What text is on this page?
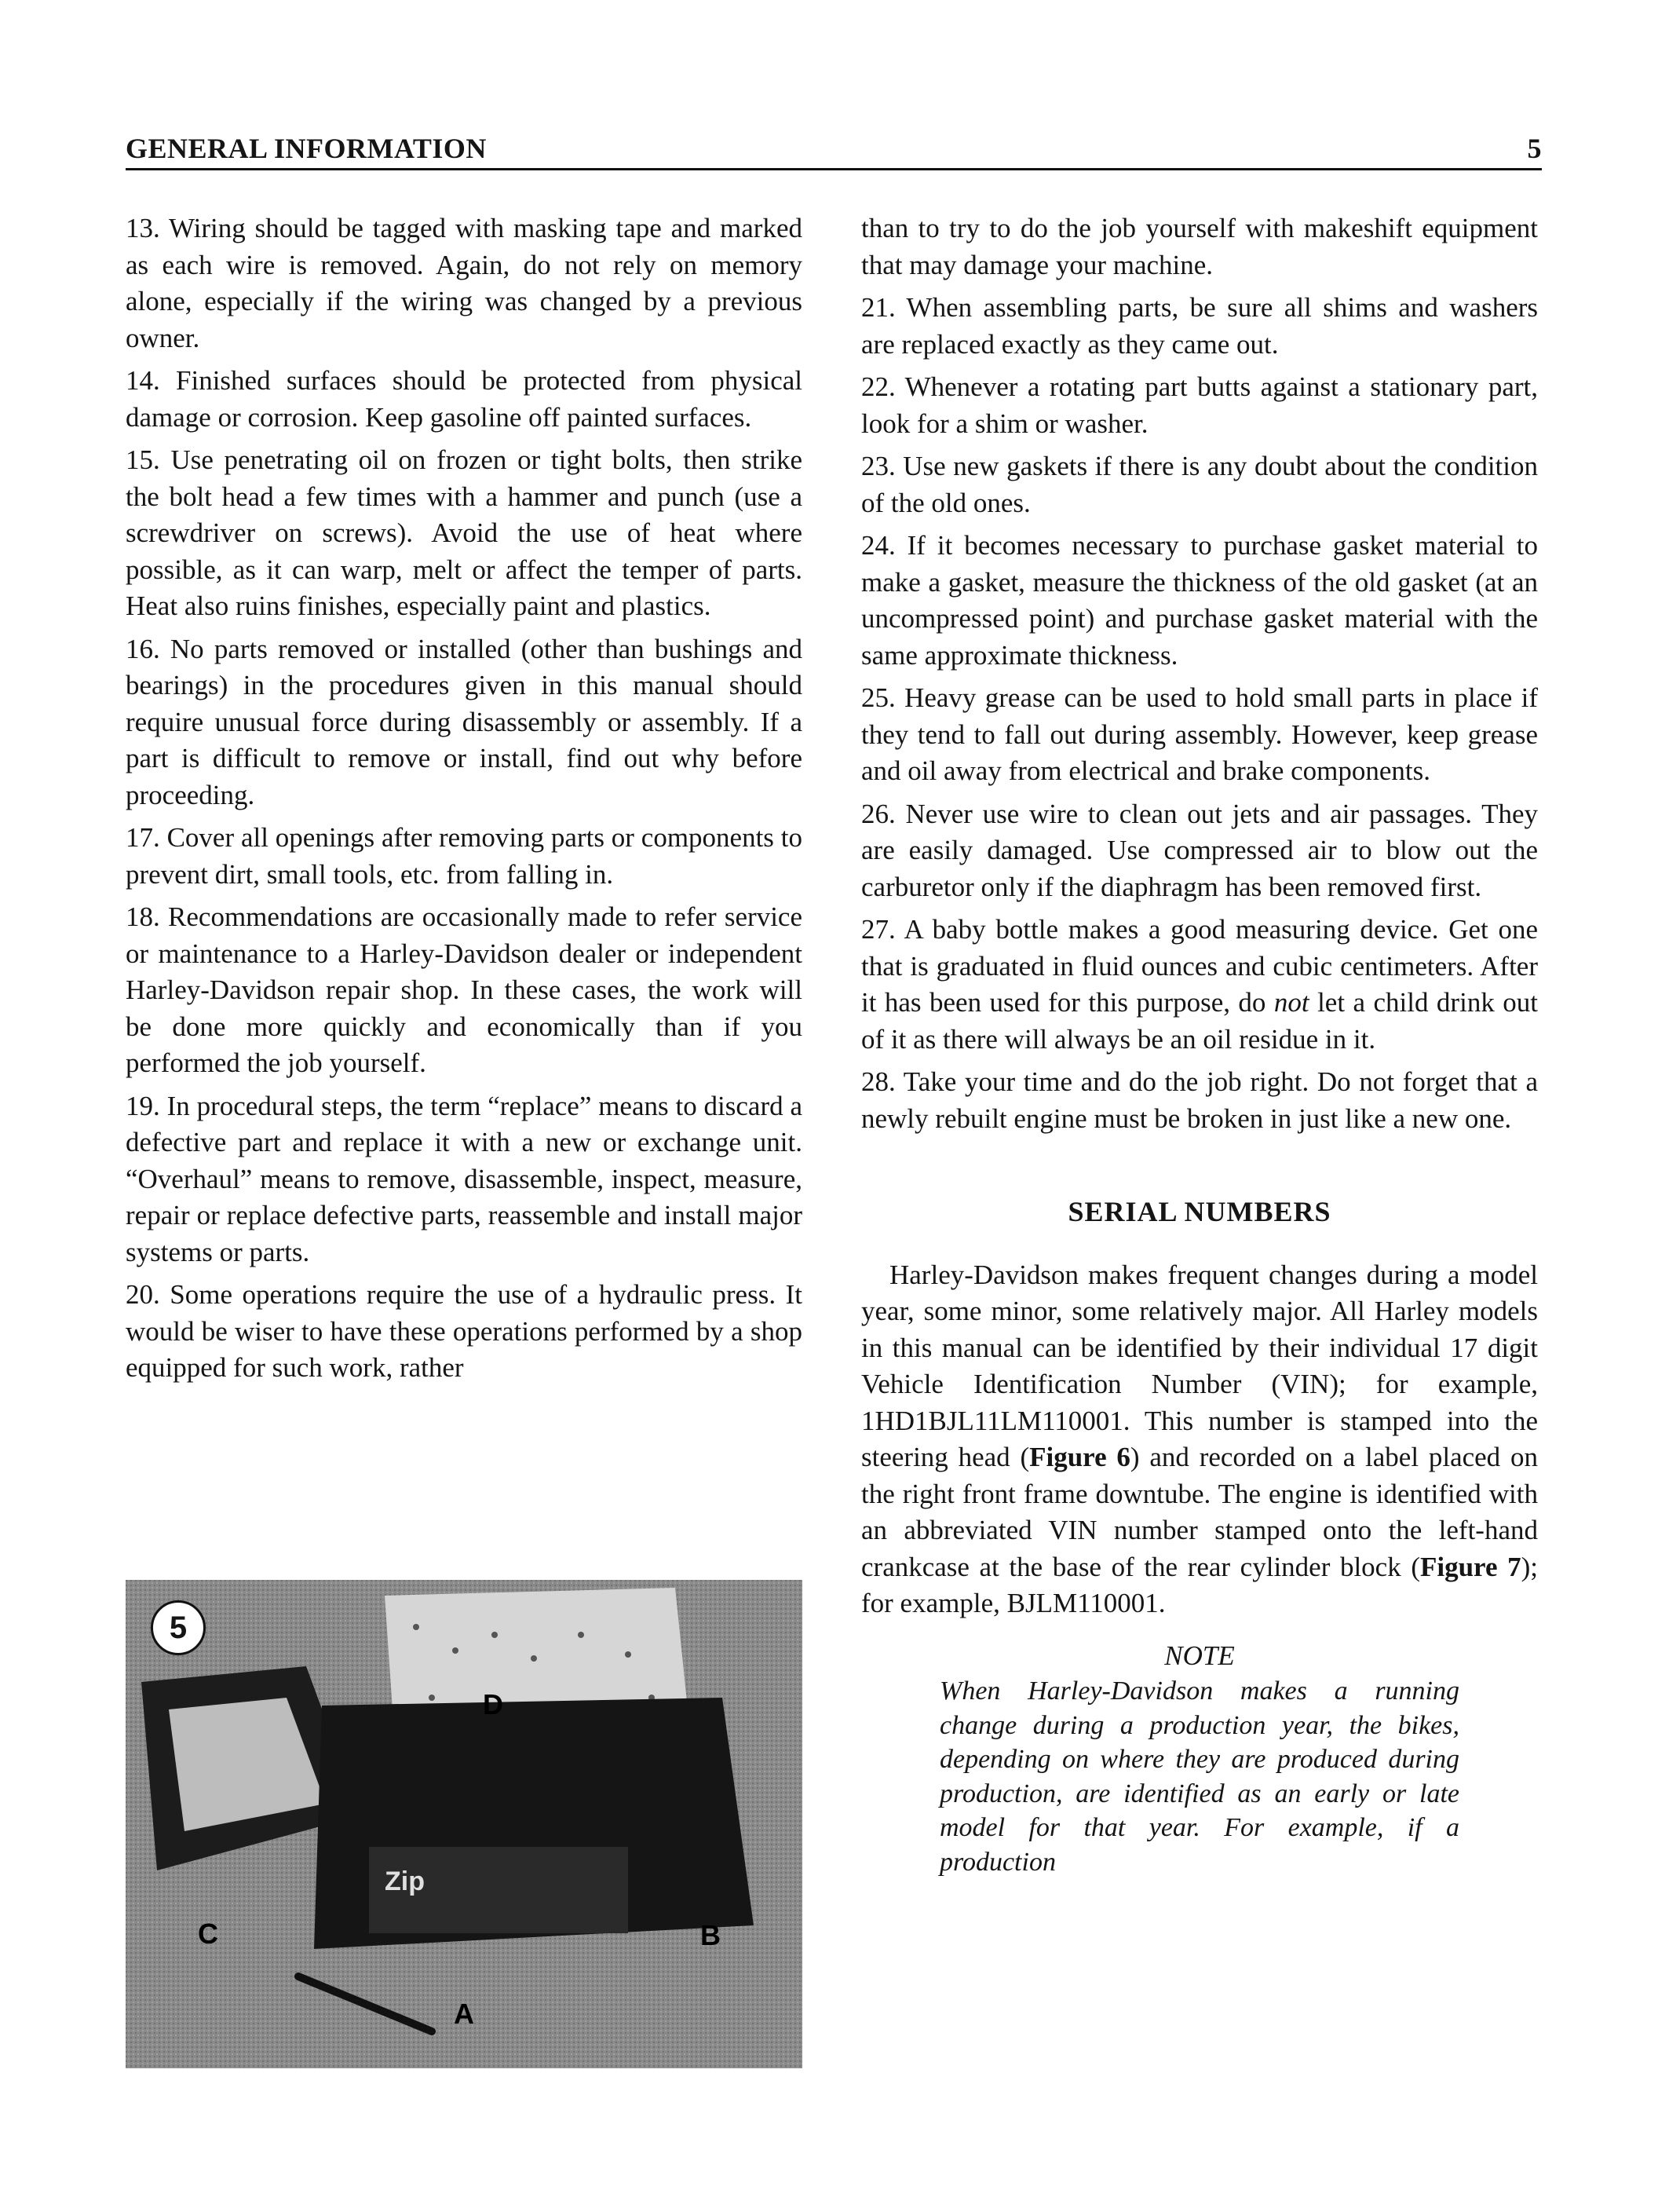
GENERAL INFORMATION	5

13. Wiring should be tagged with masking tape and marked as each wire is removed. Again, do not rely on memory alone, especially if the wiring was changed by a previous owner.

14. Finished surfaces should be protected from physical damage or corrosion. Keep gasoline off painted surfaces.

15. Use penetrating oil on frozen or tight bolts, then strike the bolt head a few times with a hammer and punch (use a screwdriver on screws). Avoid the use of heat where possible, as it can warp, melt or affect the temper of parts. Heat also ruins finishes, especially paint and plastics.

16. No parts removed or installed (other than bushings and bearings) in the procedures given in this manual should require unusual force during disassembly or assembly. If a part is difficult to remove or install, find out why before proceeding.

17. Cover all openings after removing parts or components to prevent dirt, small tools, etc. from falling in.

18. Recommendations are occasionally made to refer service or maintenance to a Harley-Davidson dealer or independent Harley-Davidson repair shop. In these cases, the work will be done more quickly and economically than if you performed the job yourself.

19. In procedural steps, the term “replace” means to discard a defective part and replace it with a new or exchange unit. “Overhaul” means to remove, disassemble, inspect, measure, repair or replace defective parts, reassemble and install major systems or parts.

20. Some operations require the use of a hydraulic press. It would be wiser to have these operations performed by a shop equipped for such work, rather

Zip
5
D
C	B
A

than to try to do the job yourself with makeshift equipment that may damage your machine.

21. When assembling parts, be sure all shims and washers are replaced exactly as they came out.

22. Whenever a rotating part butts against a stationary part, look for a shim or washer.

23. Use new gaskets if there is any doubt about the condition of the old ones.

24. If it becomes necessary to purchase gasket material to make a gasket, measure the thickness of the old gasket (at an uncompressed point) and purchase gasket material with the same approximate thickness.

25. Heavy grease can be used to hold small parts in place if they tend to fall out during assembly. However, keep grease and oil away from electrical and brake components.

26. Never use wire to clean out jets and air passages. They are easily damaged. Use compressed air to blow out the carburetor only if the diaphragm has been removed first.

27. A baby bottle makes a good measuring device. Get one that is graduated in fluid ounces and cubic centimeters. After it has been used for this purpose, do not let a child drink out of it as there will always be an oil residue in it.

28. Take your time and do the job right. Do not forget that a newly rebuilt engine must be broken in just like a new one.

SERIAL NUMBERS

Harley-Davidson makes frequent changes during a model year, some minor, some relatively major. All Harley models in this manual can be identified by their individual 17 digit Vehicle Identification Number (VIN); for example, 1HD1BJL11LM110001. This number is stamped into the steering head (Figure 6) and recorded on a label placed on the right front frame downtube. The engine is identified with an abbreviated VIN number stamped onto the left-hand crankcase at the base of the rear cylinder block (Figure 7); for example, BJLM110001.

NOTE
When Harley-Davidson makes a running change during a production year, the bikes, depending on where they are produced during production, are identified as an early or late model for that year. For example, if a production
